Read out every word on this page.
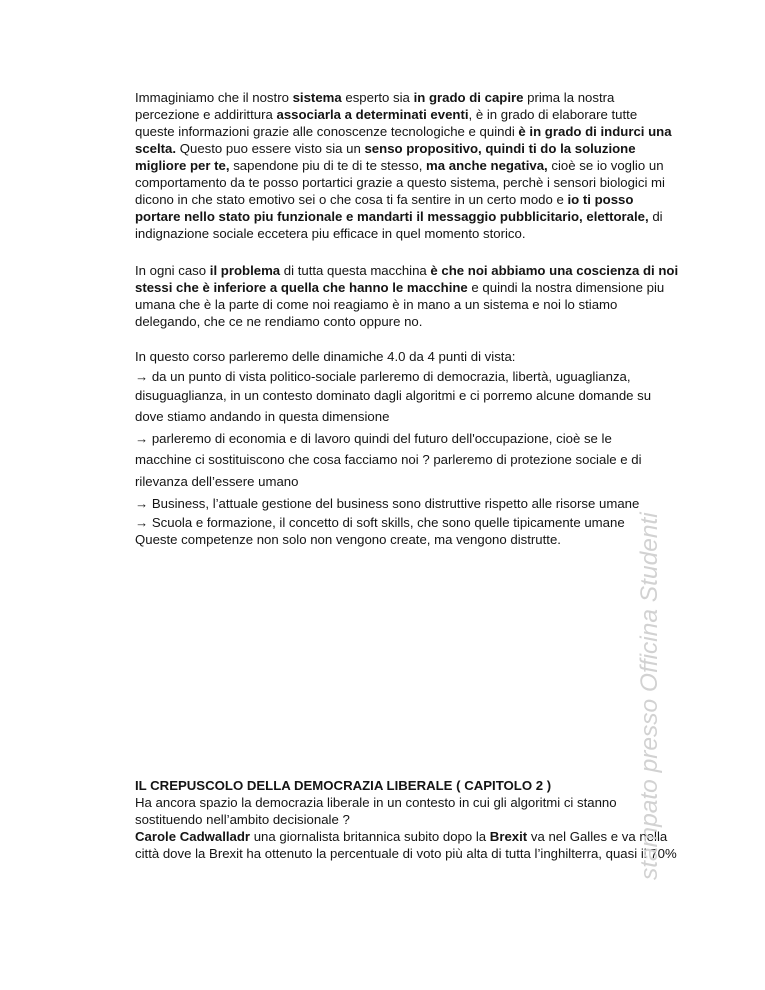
Immaginiamo che il nostro sistema esperto sia in grado di capire prima la nostra percezione e addirittura associarla a determinati eventi, è in grado di elaborare tutte queste informazioni grazie alle conoscenze tecnologiche e quindi è in grado di indurci una scelta. Questo puo essere visto sia un senso propositivo, quindi ti do la soluzione migliore per te, sapendone piu di te di te stesso, ma anche negativa, cioè se io voglio un comportamento da te posso portartici grazie a questo sistema, perchè i sensori biologici mi dicono in che stato emotivo sei o che cosa ti fa sentire in un certo modo e io ti posso portare nello stato piu funzionale e mandarti il messaggio pubblicitario, elettorale, di indignazione sociale eccetera piu efficace in quel momento storico.

In ogni caso il problema di tutta questa macchina è che noi abbiamo una coscienza di noi stessi che è inferiore a quella che hanno le macchine e quindi la nostra dimensione piu umana che è la parte di come noi reagiamo è in mano a un sistema e noi lo stiamo delegando, che ce ne rendiamo conto oppure no.

In questo corso parleremo delle dinamiche 4.0 da 4 punti di vista:
→ da un punto di vista politico-sociale parleremo di democrazia, libertà, uguaglianza,
disuguaglianza, in un contesto dominato dagli algoritmi e ci porremo alcune domande su
dove stiamo andando in questa dimensione
→ parleremo di economia e di lavoro quindi del futuro dell'occupazione, cioè se le
macchine ci sostituiscono che cosa facciamo noi ? parleremo di protezione sociale e di
rilevanza dell’essere umano
→ Business, l’attuale gestione del business sono distruttive rispetto alle risorse umane
→ Scuola e formazione, il concetto di soft skills, che sono quelle tipicamente umane
Queste competenze non solo non vengono create, ma vengono distrutte.
IL CREPUSCOLO DELLA DEMOCRAZIA LIBERALE ( CAPITOLO 2 )
Ha ancora spazio la democrazia liberale in un contesto in cui gli algoritmi ci stanno sostituendo nell’ambito decisionale ?
Carole Cadwalladr una giornalista britannica subito dopo la Brexit va nel Galles e va nella città dove la Brexit ha ottenuto la percentuale di voto più alta di tutta l’inghilterra, quasi il 70%
stampato presso Officina Studenti
